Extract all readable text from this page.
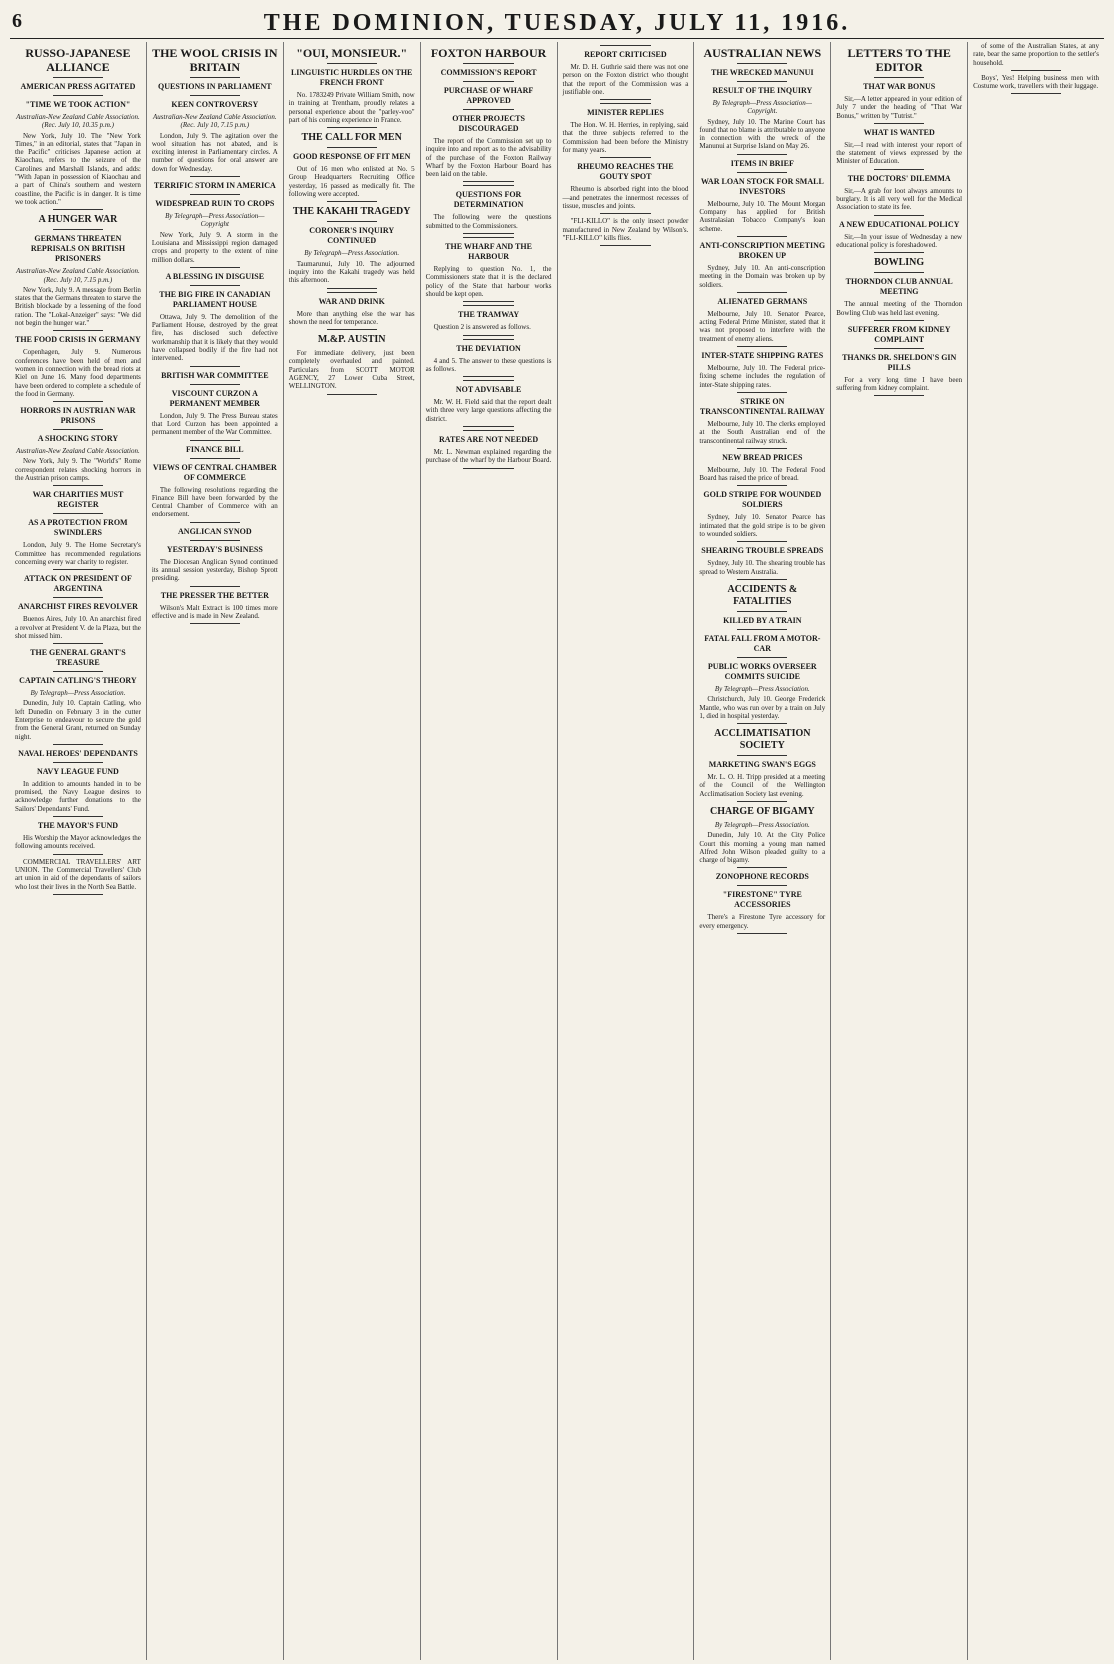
6	THE DOMINION, TUESDAY, JULY 11, 1916.
RUSSO-JAPANESE ALLIANCE
AMERICAN PRESS AGITATED
"TIME WE TOOK ACTION"
Australian-New Zealand Cable Association. (Rec. July 10, 10.35 p.m.)

New York, July 10. The "New York Times," in an editorial, states that "Japan in the Pacific" criticises Japanese action at Kiaochau, refers to the seizure of the Carolines and Marshall Islands, and adds: "With Japan in possession of Kiaochau and a part of China's southern and western coastline, the Pacific is in danger. It is time we took action."

A HUNGER WAR
GERMANS THREATEN REPRISALS ON BRITISH PRISONERS
Australian-New Zealand Cable Association. (Rec. July 10, 7.15 p.m.)

New York, July 9. A message from Berlin states that the Germans threaten to starve the British blockade by a lessening of the food ration. The "Lokal-Anzeiger" says: "We did not begin the hunger war."

THE FOOD CRISIS IN GERMANY

Copenhagen, July 9. Numerous conferences have been held of men and women in connection with the bread riots at Kiel on June 16. Many food departments have been ordered to complete a schedule of the food in Germany.

HORRORS IN AUSTRIAN WAR PRISONS
A SHOCKING STORY
Australian-New Zealand Cable Association.

New York, July 9. The "World's" Rome correspondent relates shocking horrors in the Austrian prison camps.

WAR CHARITIES MUST REGISTER
AS A PROTECTION FROM SWINDLERS

London, July 9. The Home Secretary's Committee has recommended regulations concerning every war charity to register.

ATTACK ON PRESIDENT OF ARGENTINA
ANARCHIST FIRES REVOLVER

Buenos Aires, July 10. An anarchist fired a revolver at President V. de la Plaza, but the shot missed him.

THE GENERAL GRANT'S TREASURE
CAPTAIN CATLING'S THEORY
By Telegraph—Press Association.

Dunedin, July 10. Captain Catling, who left Dunedin on February 3 in the cutter Enterprise to endeavour to secure the gold from the General Grant, returned on Sunday night.

NAVAL HEROES' DEPENDANTS
NAVY LEAGUE FUND

In addition to amounts handed in to be promised, the Navy League desires to acknowledge further donations to the Sailors' Dependants' Fund.

THE MAYOR'S FUND

His Worship the Mayor acknowledges the following amounts received.

COMMERCIAL TRAVELLERS' ART UNION. The Commercial Travellers' Club art union in aid of the dependants of sailors who lost their lives in the North Sea Battle.

THE WOOL CRISIS IN BRITAIN
QUESTIONS IN PARLIAMENT
KEEN CONTROVERSY
Australian-New Zealand Cable Association. (Rec. July 10, 7.15 p.m.)

London, July 9. The agitation over the wool situation has not abated, and is exciting interest in Parliamentary circles. A number of questions for oral answer are down for Wednesday.

TERRIFIC STORM IN AMERICA
WIDESPREAD RUIN TO CROPS
By Telegraph—Press Association—Copyright

New York, July 9. A storm in the Louisiana and Mississippi region damaged crops and property to the extent of nine million dollars.

A BLESSING IN DISGUISE
THE BIG FIRE IN CANADIAN PARLIAMENT HOUSE

Ottawa, July 9. The demolition of the Parliament House, destroyed by the great fire, has disclosed such defective workmanship that it is likely that they would have collapsed bodily if the fire had not intervened.

BRITISH WAR COMMITTEE
VISCOUNT CURZON A PERMANENT MEMBER

London, July 9. The Press Bureau states that Lord Curzon has been appointed a permanent member of the War Committee.

FINANCE BILL
VIEWS OF CENTRAL CHAMBER OF COMMERCE

The following resolutions regarding the Finance Bill have been forwarded by the Central Chamber of Commerce with an endorsement.

ANGLICAN SYNOD
YESTERDAY'S BUSINESS

The Diocesan Anglican Synod continued its annual session yesterday, Bishop Sprott presiding.

THE PRESSER THE BETTER

Wilson's Malt Extract is 100 times more effective and is made in New Zealand.

"OUI, MONSIEUR."
LINGUISTIC HURDLES ON THE FRENCH FRONT

No. 1783249 Private William Smith, now in training at Trentham, proudly relates a personal experience about the "parley-voo" part of his coming experience in France.

THE CALL FOR MEN
GOOD RESPONSE OF FIT MEN

Out of 16 men who enlisted at No. 5 Group Headquarters Recruiting Office yesterday, 16 passed as medically fit. The following were accepted.

THE KAKAHI TRAGEDY
CORONER'S INQUIRY CONTINUED
By Telegraph—Press Association.

Taumarunui, July 10. The adjourned inquiry into the Kakahi tragedy was held this afternoon.

WAR AND DRINK

More than anything else the war has shown the need for temperance.

M.&P. AUSTIN

For immediate delivery, just been completely overhauled and painted. Particulars from SCOTT MOTOR AGENCY, 27 Lower Cuba Street, WELLINGTON.

FOXTON HARBOUR
COMMISSION'S REPORT
PURCHASE OF WHARF APPROVED
OTHER PROJECTS DISCOURAGED

The report of the Commission set up to inquire into and report as to the advisability of the purchase of the Foxton Railway Wharf by the Foxton Harbour Board has been laid on the table.

QUESTIONS FOR DETERMINATION

The following were the questions submitted to the Commissioners.

THE WHARF AND THE HARBOUR

Replying to question No. 1, the Commissioners state that it is the declared policy of the State that harbour works should be kept open.

THE TRAMWAY

Question 2 is answered as follows.

THE DEVIATION

4 and 5. The answer to these questions is as follows.

NOT ADVISABLE

Mr. W. H. Field said that the report dealt with three very large questions affecting the district.

RATES ARE NOT NEEDED

Mr. L. Newman explained regarding the purchase of the wharf by the Harbour Board.

REPORT CRITICISED

Mr. D. H. Guthrie said there was not one person on the Foxton district who thought that the report of the Commission was a justifiable one.

MINISTER REPLIES

The Hon. W. H. Herries, in replying, said that the three subjects referred to the Commission had been before the Ministry for many years.

RHEUMO REACHES THE GOUTY SPOT

Rheumo is absorbed right into the blood—and penetrates the innermost recesses of tissue, muscles and joints.

"FLI-KILLO" is the only insect powder manufactured in New Zealand by Wilson's. "FLI-KILLO" kills flies.

AUSTRALIAN NEWS
THE WRECKED MANUNUI
RESULT OF THE INQUIRY
By Telegraph—Press Association—Copyright.

Sydney, July 10. The Marine Court has found that no blame is attributable to anyone in connection with the wreck of the Manunui at Surprise Island on May 26.

ITEMS IN BRIEF
WAR LOAN STOCK FOR SMALL INVESTORS

Melbourne, July 10. The Mount Morgan Company has applied for British Australasian Tobacco Company's loan scheme.

ANTI-CONSCRIPTION MEETING BROKEN UP

Sydney, July 10. An anti-conscription meeting in the Domain was broken up by soldiers.

ALIENATED GERMANS

Melbourne, July 10. Senator Pearce, acting Federal Prime Minister, stated that it was not proposed to interfere with the treatment of enemy aliens.

INTER-STATE SHIPPING RATES

Melbourne, July 10. The Federal price-fixing scheme includes the regulation of inter-State shipping rates.

STRIKE ON TRANSCONTINENTAL RAILWAY

Melbourne, July 10. The clerks employed at the South Australian end of the transcontinental railway struck.

NEW BREAD PRICES

Melbourne, July 10. The Federal Food Board has raised the price of bread.

GOLD STRIPE FOR WOUNDED SOLDIERS

Sydney, July 10. Senator Pearce has intimated that the gold stripe is to be given to wounded soldiers.

SHEARING TROUBLE SPREADS

Sydney, July 10. The shearing trouble has spread to Western Australia.

ACCIDENTS & FATALITIES
KILLED BY A TRAIN
FATAL FALL FROM A MOTOR-CAR
PUBLIC WORKS OVERSEER COMMITS SUICIDE
By Telegraph—Press Association.

Christchurch, July 10. George Frederick Mantle, who was run over by a train on July 1, died in hospital yesterday.

ACCLIMATISATION SOCIETY
MARKETING SWAN'S EGGS

Mr. L. O. H. Tripp presided at a meeting of the Council of the Wellington Acclimatisation Society last evening.

CHARGE OF BIGAMY
By Telegraph—Press Association.

Dunedin, July 10. At the City Police Court this morning a young man named Alfred John Wilson pleaded guilty to a charge of bigamy.

ZONOPHONE RECORDS
"FIRESTONE" TYRE ACCESSORIES

There's a Firestone Tyre accessory for every emergency.

LETTERS TO THE EDITOR
THAT WAR BONUS

Sir,—A letter appeared in your edition of July 7 under the heading of "That War Bonus," written by "Tutrist."

WHAT IS WANTED

Sir,—I read with interest your report of the statement of views expressed by the Minister of Education.

THE DOCTORS' DILEMMA

Sir,—A grab for loot always amounts to burglary. It is all very well for the Medical Association to state its fee.

A NEW EDUCATIONAL POLICY

Sir,—In your issue of Wednesday a new educational policy is foreshadowed.

BOWLING
THORNDON CLUB ANNUAL MEETING

The annual meeting of the Thorndon Bowling Club was held last evening.

SUFFERER FROM KIDNEY COMPLAINT
THANKS DR. SHELDON'S GIN PILLS

For a very long time I have been suffering from kidney complaint.

of some of the Australian States, at any rate, bear the same proportion to the settler's household.

Boys', Yes! Helping business men with Costume work, travellers with their luggage.
